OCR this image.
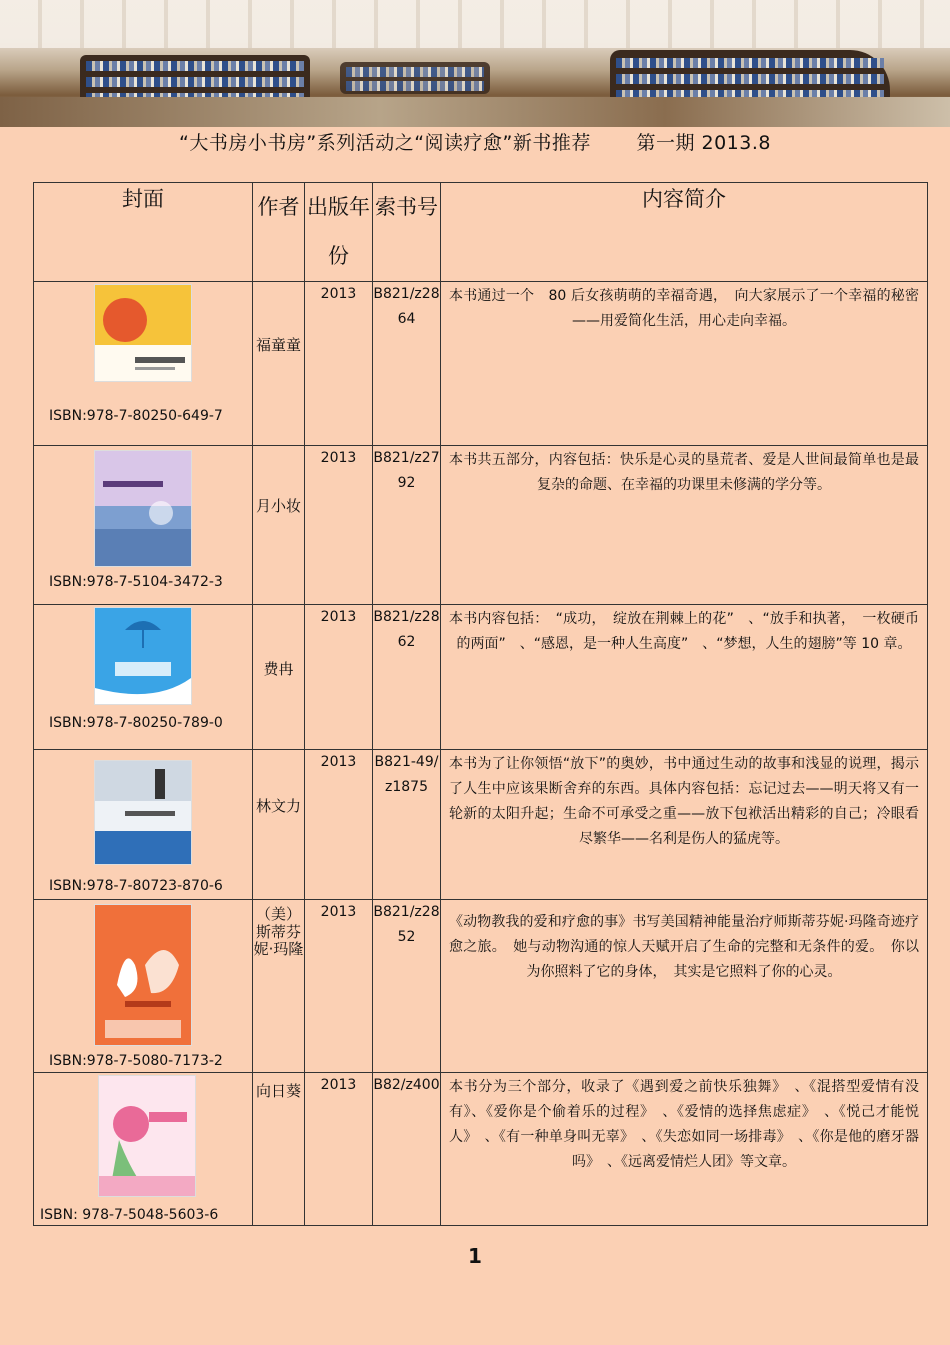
“大书房小书房”系列活动之“阅读疗愈”新书推荐 　　第一期 2013.8
封面	作者	出版年份	索书号	内容简介

ISBN:978-7-80250-649-7	福童童	2013	B821/z2864	本书通过一个　80 后女孩萌萌的幸福奇遇，　向大家展示了一个幸福的秘密——用爱简化生活，用心走向幸福。

ISBN:978-7-5104-3472-3	月小妆	2013	B821/z2792	本书共五部分，内容包括：快乐是心灵的垦荒者、爱是人世间最简单也是最复杂的命题、在幸福的功课里未修满的学分等。

ISBN:978-7-80250-789-0	费冉	2013	B821/z2862	本书内容包括：　“成功，　绽放在荆棘上的花”　、“放手和执著，　一枚硬币的两面”　、“感恩，是一种人生高度”　、“梦想，人生的翅膀”等 10 章。

ISBN:978-7-80723-870-6	林文力	2013	B821-49/z1875	本书为了让你领悟“放下”的奥妙，书中通过生动的故事和浅显的说理，揭示了人生中应该果断舍弃的东西。具体内容包括：忘记过去——明天将又有一轮新的太阳升起；生命不可承受之重——放下包袱活出精彩的自己；冷眼看尽繁华——名利是伤人的猛虎等。

ISBN:978-7-5080-7173-2	（美）斯蒂芬妮·玛隆	2013	B821/z2852	《动物教我的爱和疗愈的事》书写美国精神能量治疗师斯蒂芬妮·玛隆奇迹疗愈之旅。　她与动物沟通的惊人天赋开启了生命的完整和无条件的爱。　你以为你照料了它的身体，　其实是它照料了你的心灵。

ISBN: 978-7-5048-5603-6	向日葵	2013	B82/z400	本书分为三个部分，收录了《遇到爱之前快乐独舞》　、《混搭型爱情有没有》、《爱你是个偷着乐的过程》　、《爱情的选择焦虑症》　、《悦己才能悦人》　、《有一种单身叫无辜》　、《失恋如同一场排毒》　、《你是他的磨牙器吗》　、《远离爱情烂人团》等文章。
1
